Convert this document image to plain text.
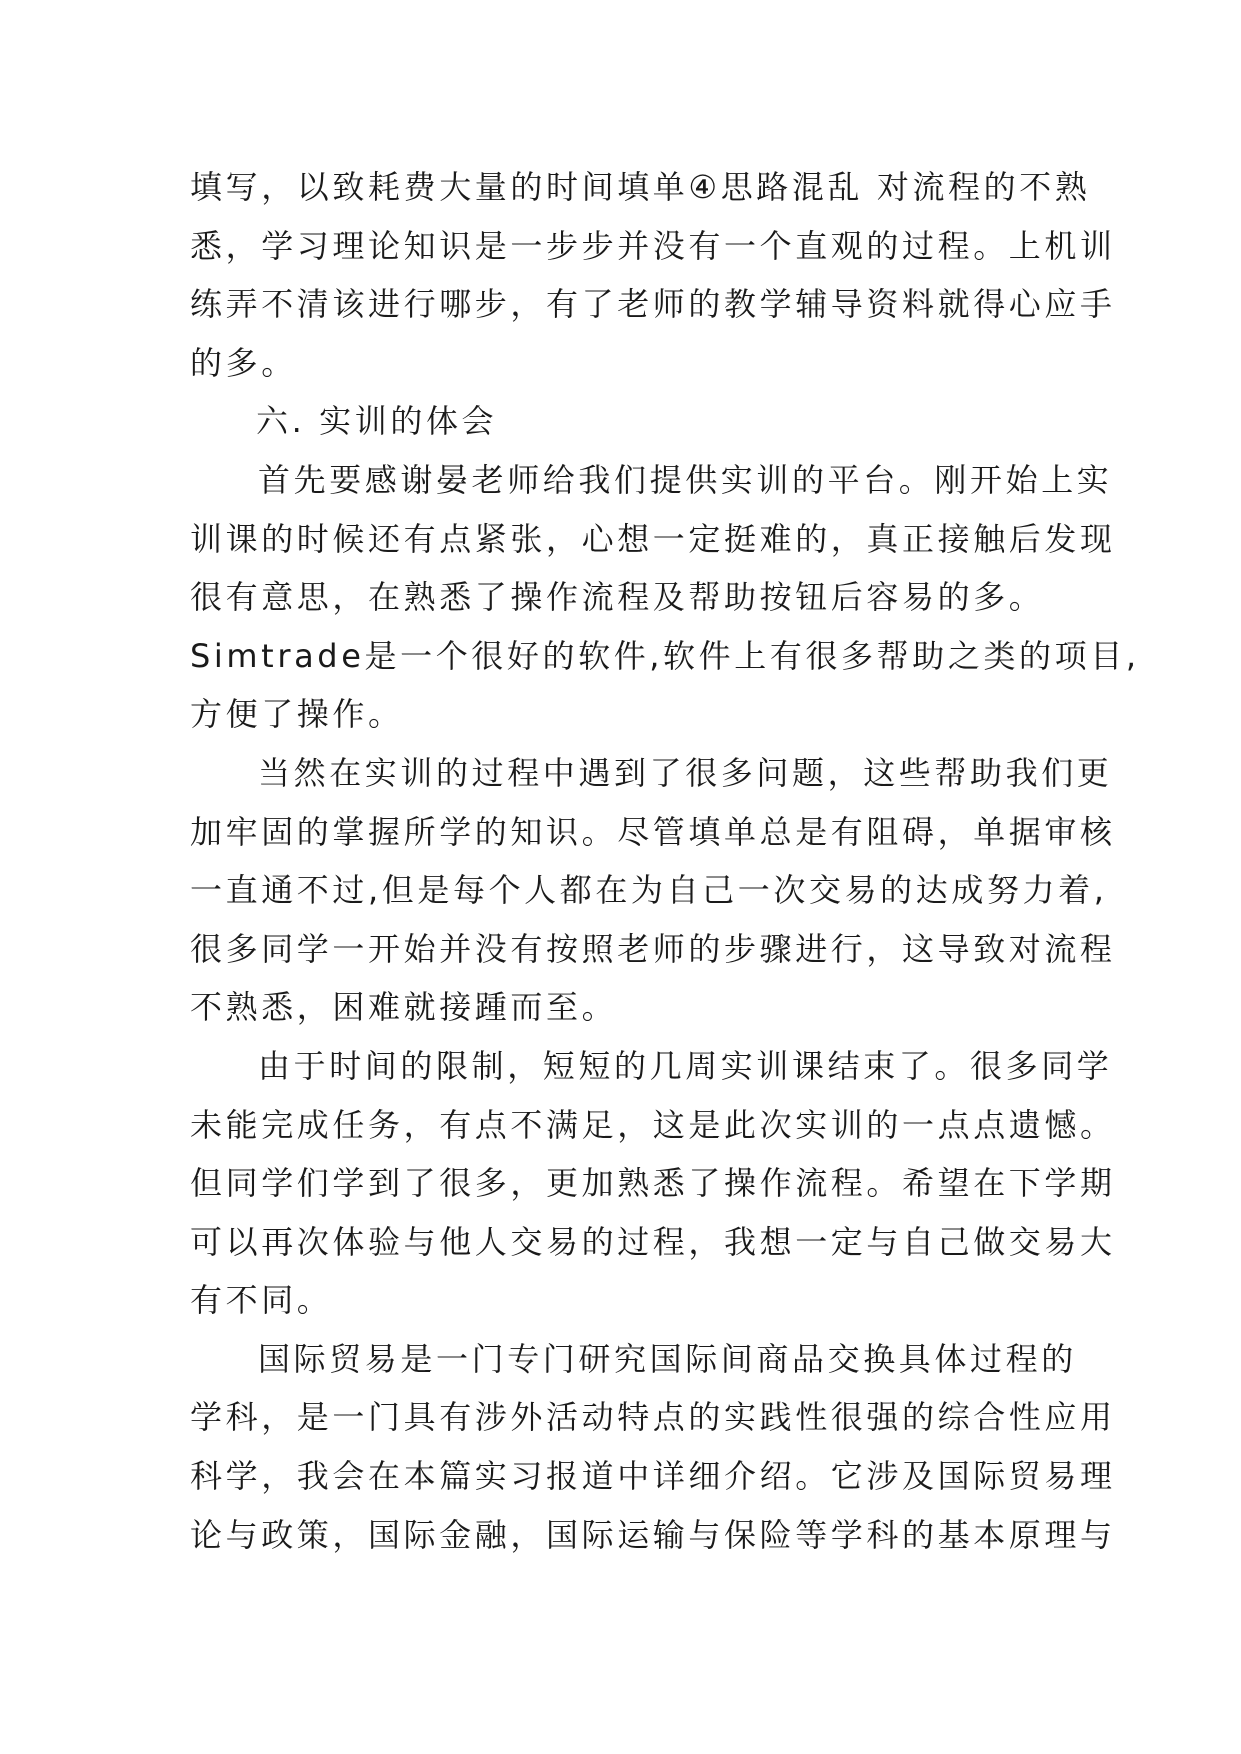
填写，以致耗费大量的时间填单④思路混乱 对流程的不熟
悉，学习理论知识是一步步并没有一个直观的过程。上机训
练弄不清该进行哪步，有了老师的教学辅导资料就得心应手
的多。
六. 实训的体会
首先要感谢晏老师给我们提供实训的平台。刚开始上实
训课的时候还有点紧张，心想一定挺难的，真正接触后发现
很有意思，在熟悉了操作流程及帮助按钮后容易的多。
Simtrade是一个很好的软件,软件上有很多帮助之类的项目,
方便了操作。
当然在实训的过程中遇到了很多问题，这些帮助我们更
加牢固的掌握所学的知识。尽管填单总是有阻碍，单据审核
一直通不过,但是每个人都在为自己一次交易的达成努力着,
很多同学一开始并没有按照老师的步骤进行，这导致对流程
不熟悉，困难就接踵而至。
由于时间的限制，短短的几周实训课结束了。很多同学
未能完成任务，有点不满足，这是此次实训的一点点遗憾。
但同学们学到了很多，更加熟悉了操作流程。希望在下学期
可以再次体验与他人交易的过程，我想一定与自己做交易大
有不同。
国际贸易是一门专门研究国际间商品交换具体过程的
学科，是一门具有涉外活动特点的实践性很强的综合性应用
科学，我会在本篇实习报道中详细介绍。它涉及国际贸易理
论与政策，国际金融，国际运输与保险等学科的基本原理与
